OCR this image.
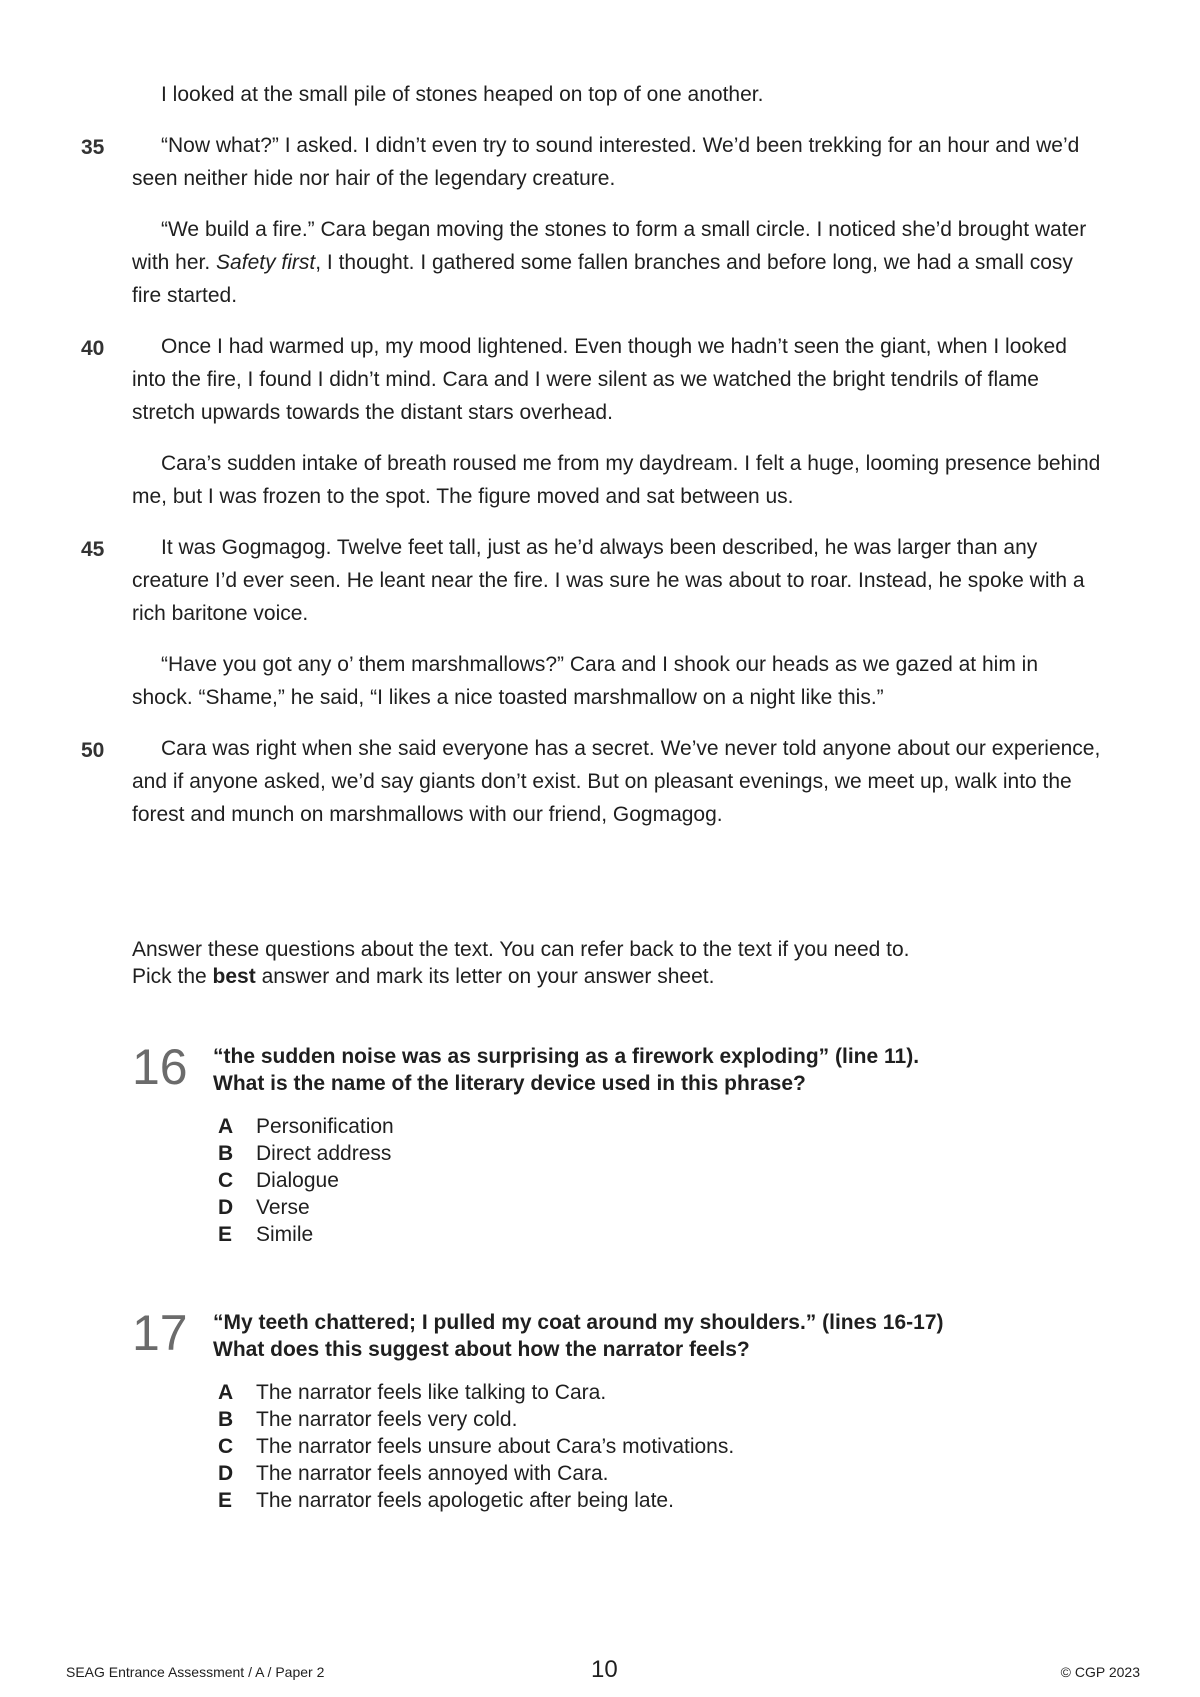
I looked at the small pile of stones heaped on top of one another.

35	“Now what?” I asked. I didn’t even try to sound interested. We’d been trekking for an hour and we’d seen neither hide nor hair of the legendary creature.

“We build a fire.” Cara began moving the stones to form a small circle. I noticed she’d brought water with her. Safety first, I thought. I gathered some fallen branches and before long, we had a small cosy fire started.

40	Once I had warmed up, my mood lightened. Even though we hadn’t seen the giant, when I looked into the fire, I found I didn’t mind. Cara and I were silent as we watched the bright tendrils of flame stretch upwards towards the distant stars overhead.

Cara’s sudden intake of breath roused me from my daydream. I felt a huge, looming presence behind me, but I was frozen to the spot. The figure moved and sat between us.

45	It was Gogmagog. Twelve feet tall, just as he’d always been described, he was larger than any creature I’d ever seen. He leant near the fire. I was sure he was about to roar. Instead, he spoke with a rich baritone voice.

“Have you got any o’ them marshmallows?” Cara and I shook our heads as we gazed at him in shock. “Shame,” he said, “I likes a nice toasted marshmallow on a night like this.”

50	Cara was right when she said everyone has a secret. We’ve never told anyone about our experience, and if anyone asked, we’d say giants don’t exist. But on pleasant evenings, we meet up, walk into the forest and munch on marshmallows with our friend, Gogmagog.

Answer these questions about the text. You can refer back to the text if you need to.
Pick the best answer and mark its letter on your answer sheet.
16 “the sudden noise was as surprising as a firework exploding” (line 11).
What is the name of the literary device used in this phrase?
A	Personification
B	Direct address
C	Dialogue
D	Verse
E	Simile
17 “My teeth chattered; I pulled my coat around my shoulders.” (lines 16-17)
What does this suggest about how the narrator feels?
A	The narrator feels like talking to Cara.
B	The narrator feels very cold.
C	The narrator feels unsure about Cara’s motivations.
D	The narrator feels annoyed with Cara.
E	The narrator feels apologetic after being late.
SEAG Entrance Assessment / A / Paper 2	10	© CGP 2023
